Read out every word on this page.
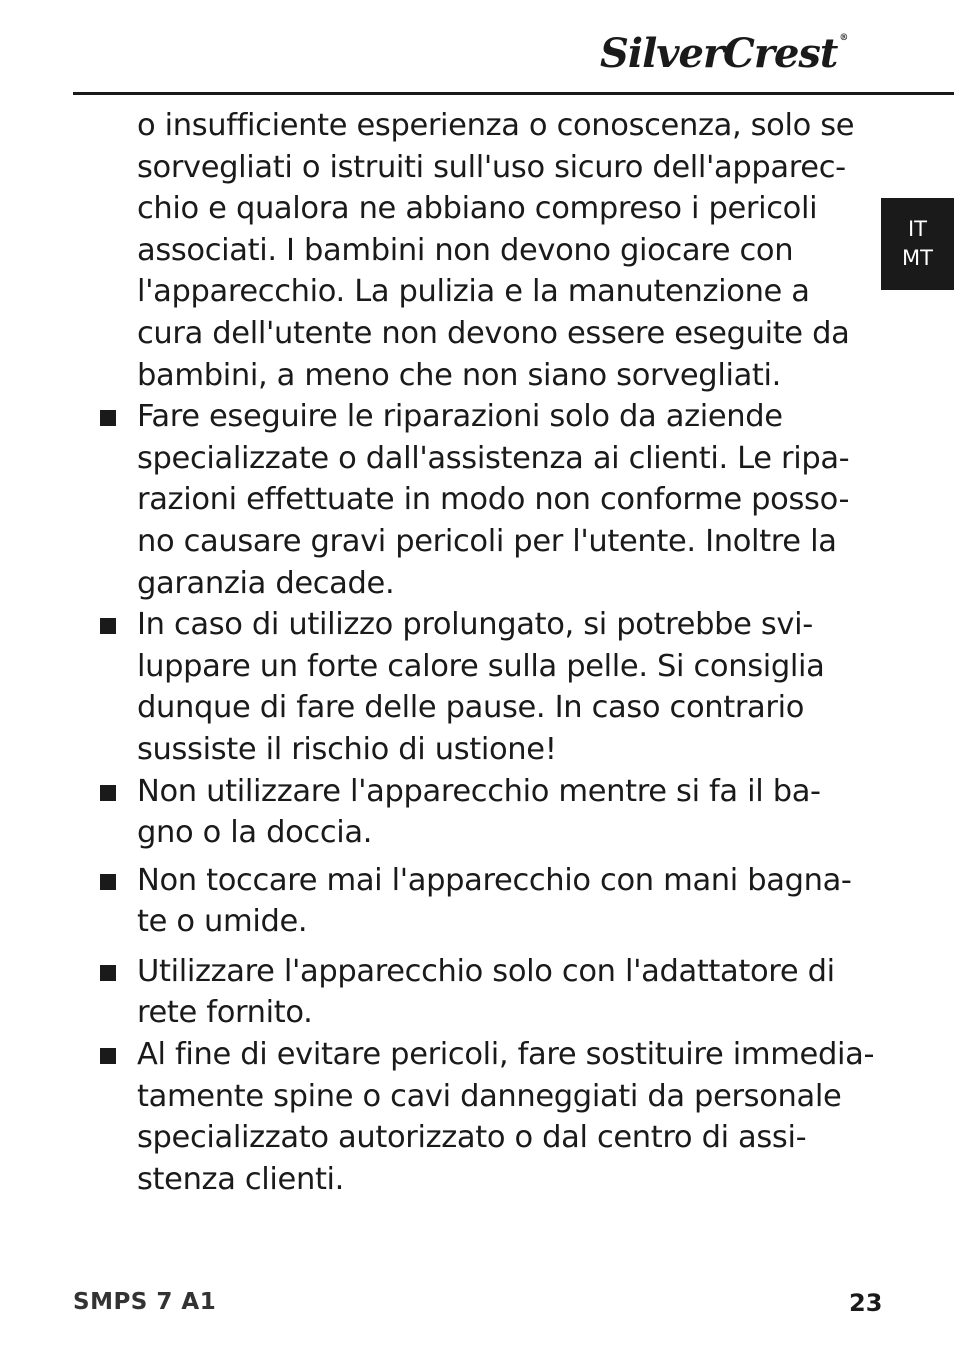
SilverCrest ®
IT
MT
o insufficiente esperienza o conoscenza, solo se
sorvegliati o istruiti sull'uso sicuro dell'apparec-
chio e qualora ne abbiano compreso i pericoli
associati. I bambini non devono giocare con
l'apparecchio. La pulizia e la manutenzione a
cura dell'utente non devono essere eseguite da
bambini, a meno che non siano sorvegliati.
Fare eseguire le riparazioni solo da aziende
specializzate o dall'assistenza ai clienti. Le ripa-
razioni effettuate in modo non conforme posso-
no causare gravi pericoli per l'utente. Inoltre la
garanzia decade.
In caso di utilizzo prolungato, si potrebbe svi-
luppare un forte calore sulla pelle. Si consiglia
dunque di fare delle pause. In caso contrario
sussiste il rischio di ustione!
Non utilizzare l'apparecchio mentre si fa il ba-
gno o la doccia.
Non toccare mai l'apparecchio con mani bagna-
te o umide.
Utilizzare l'apparecchio solo con l'adattatore di
rete fornito.
Al fine di evitare pericoli, fare sostituire immedia-
tamente spine o cavi danneggiati da personale
specializzato autorizzato o dal centro di assi-
stenza clienti.
SMPS 7 A1	23
